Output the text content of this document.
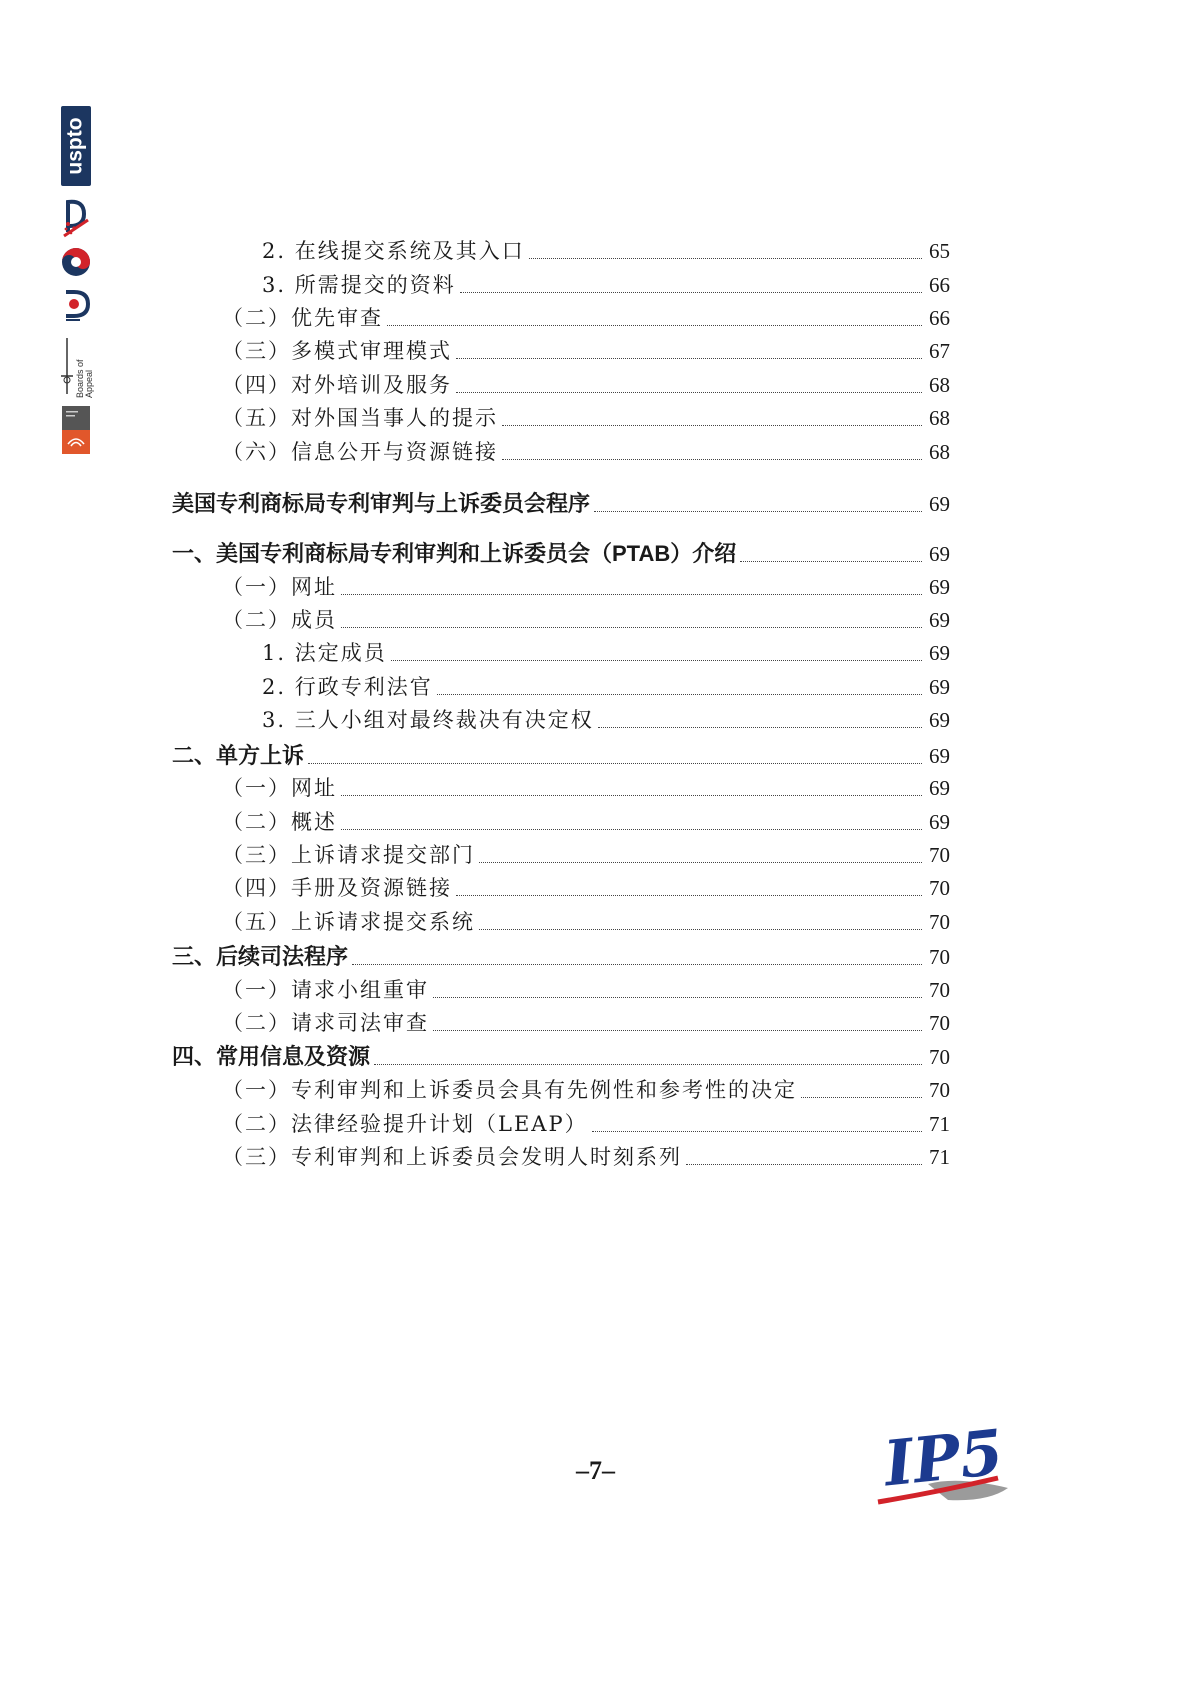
uspto
Boards of Appeal
2. 在线提交系统及其入口	65
3. 所需提交的资料	66
（二）优先审查	66
（三）多模式审理模式	67
（四）对外培训及服务	68
（五）对外国当事人的提示	68
（六）信息公开与资源链接	68
美国专利商标局专利审判与上诉委员会程序	69
一、美国专利商标局专利审判和上诉委员会（PTAB）介绍	69
（一）网址	69
（二）成员	69
1. 法定成员	69
2. 行政专利法官	69
3. 三人小组对最终裁决有决定权	69
二、单方上诉	69
（一）网址	69
（二）概述	69
（三）上诉请求提交部门	70
（四）手册及资源链接	70
（五）上诉请求提交系统	70
三、后续司法程序	70
（一）请求小组重审	70
（二）请求司法审查	70
四、常用信息及资源	70
（一）专利审判和上诉委员会具有先例性和参考性的决定	70
（二）法律经验提升计划（LEAP）	71
（三）专利审判和上诉委员会发明人时刻系列	71
–7–	IP5
